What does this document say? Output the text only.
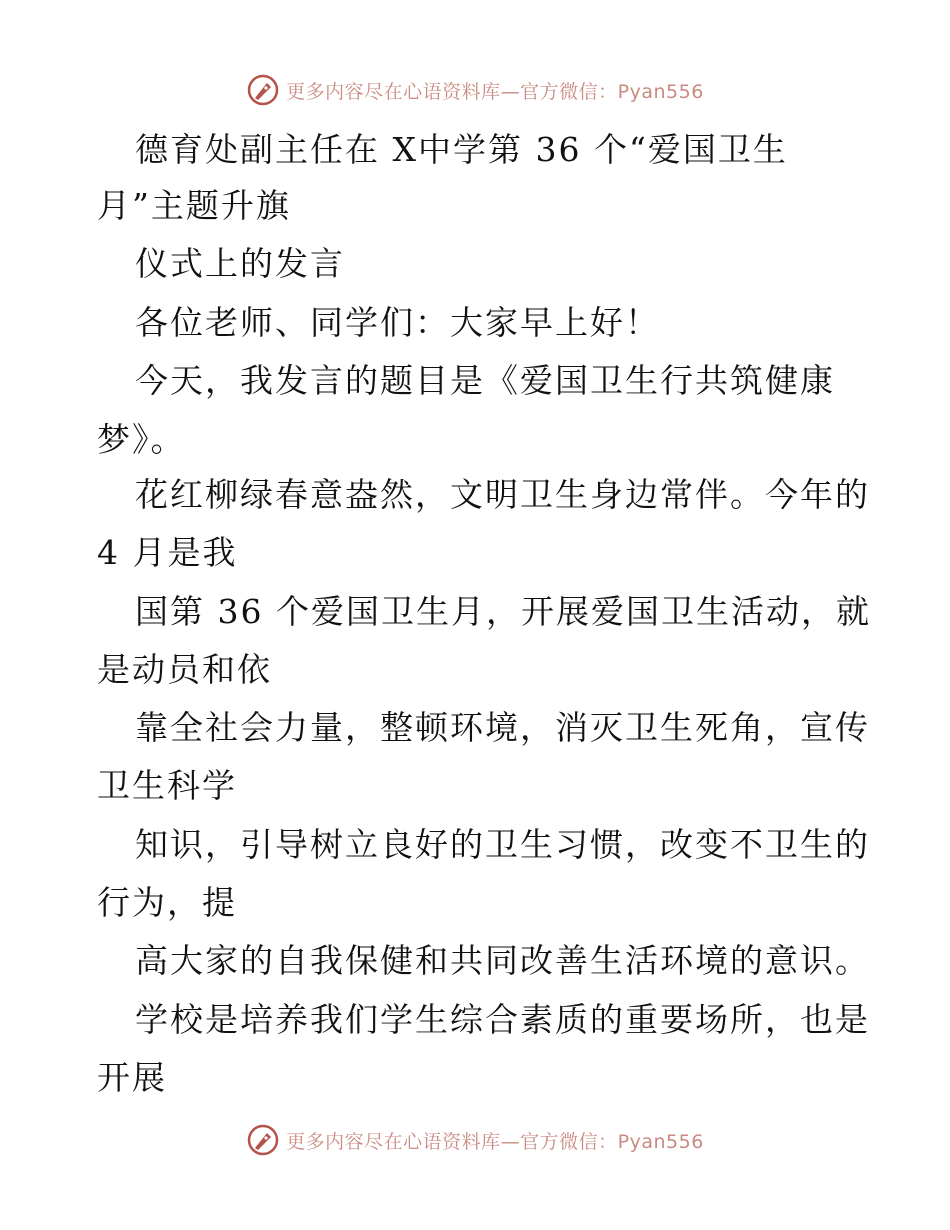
更多内容尽在心语资料库—官方微信：Pyan556
德育处副主任在 X中学第 36 个“爱国卫生
月”主题升旗
仪式上的发言
各位老师、同学们：大家早上好！
今天，我发言的题目是《爱国卫生行共筑健康
梦》。
花红柳绿春意盎然，文明卫生身边常伴。今年的
4 月是我
国第 36 个爱国卫生月，开展爱国卫生活动，就
是动员和依
靠全社会力量，整顿环境，消灭卫生死角，宣传
卫生科学
知识，引导树立良好的卫生习惯，改变不卫生的
行为，提
高大家的自我保健和共同改善生活环境的意识。
学校是培养我们学生综合素质的重要场所，也是
开展
更多内容尽在心语资料库—官方微信：Pyan556
